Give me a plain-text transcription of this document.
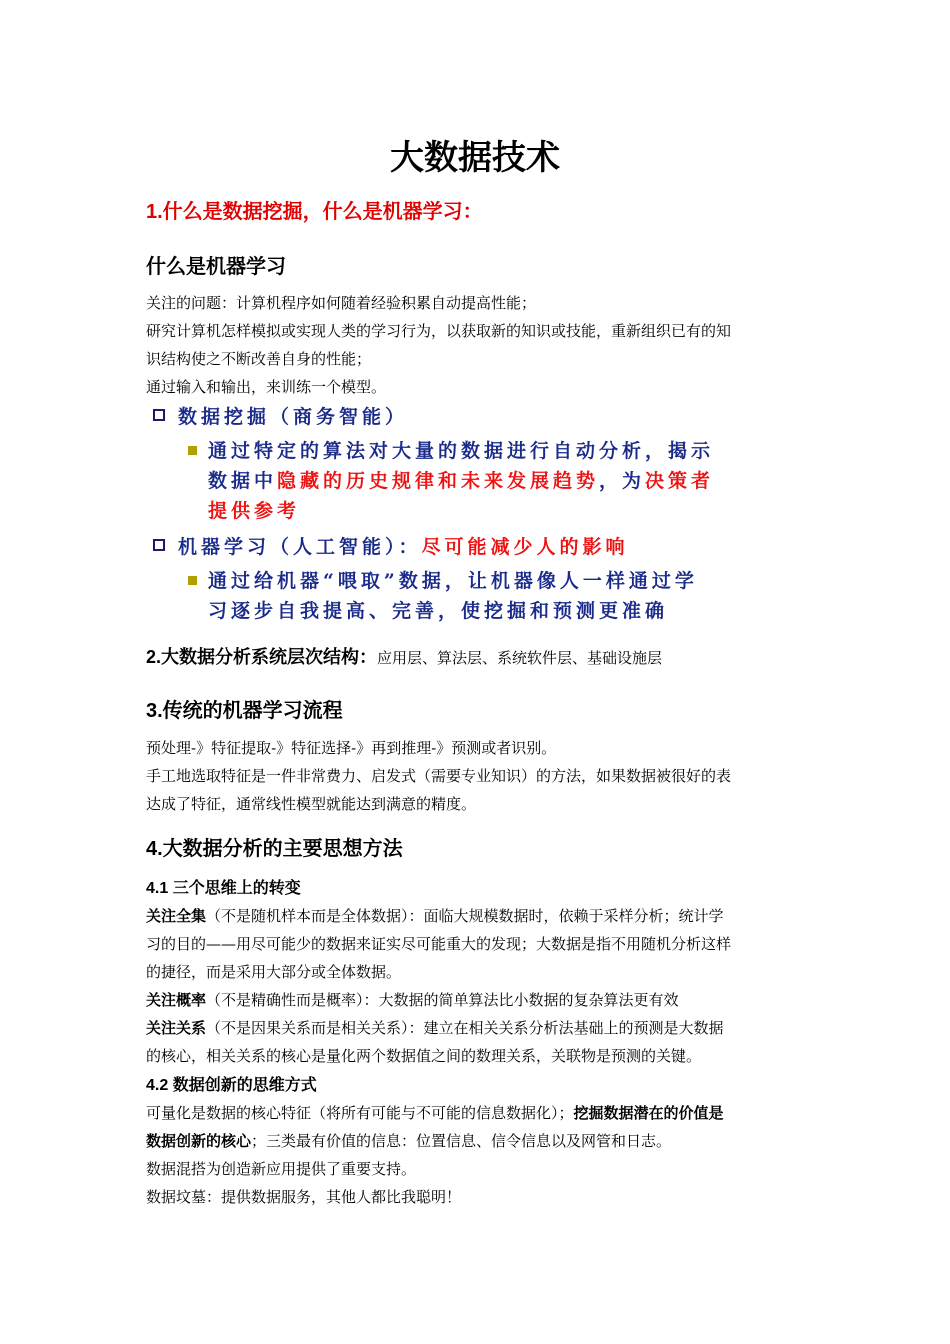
大数据技术
1.什么是数据挖掘，什么是机器学习：
什么是机器学习
关注的问题：计算机程序如何随着经验积累自动提高性能；
研究计算机怎样模拟或实现人类的学习行为，以获取新的知识或技能，重新组织已有的知
识结构使之不断改善自身的性能；
通过输入和输出，来训练一个模型。
数据挖掘（商务智能）
通过特定的算法对大量的数据进行自动分析，揭示
数据中隐藏的历史规律和未来发展趋势，为决策者
提供参考
机器学习（人工智能）：尽可能减少人的影响
通过给机器“喂取”数据，让机器像人一样通过学
习逐步自我提高、完善，使挖掘和预测更准确
2.大数据分析系统层次结构：应用层、算法层、系统软件层、基础设施层
3.传统的机器学习流程
预处理-》特征提取-》特征选择-》再到推理-》预测或者识别。
手工地选取特征是一件非常费力、启发式（需要专业知识）的方法，如果数据被很好的表
达成了特征，通常线性模型就能达到满意的精度。
4.大数据分析的主要思想方法
4.1 三个思维上的转变
关注全集（不是随机样本而是全体数据）：面临大规模数据时，依赖于采样分析；统计学
习的目的——用尽可能少的数据来证实尽可能重大的发现；大数据是指不用随机分析这样
的捷径，而是采用大部分或全体数据。
关注概率（不是精确性而是概率）：大数据的简单算法比小数据的复杂算法更有效
关注关系（不是因果关系而是相关关系）：建立在相关关系分析法基础上的预测是大数据
的核心，相关关系的核心是量化两个数据值之间的数理关系，关联物是预测的关键。
4.2 数据创新的思维方式
可量化是数据的核心特征（将所有可能与不可能的信息数据化）；挖掘数据潜在的价值是
数据创新的核心；三类最有价值的信息：位置信息、信令信息以及网管和日志。
数据混搭为创造新应用提供了重要支持。
数据坟墓：提供数据服务，其他人都比我聪明！
